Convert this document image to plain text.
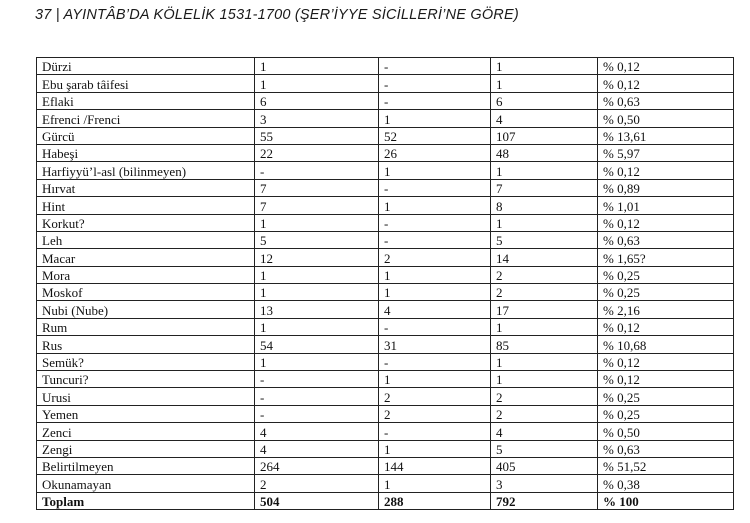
37 | AYINTÂB’DA KÖLELİK 1531-1700 (ŞER’İYYE SİCİLLERİ’NE GÖRE)
Dürzi	1	-	1	% 0,12
Ebu şarab tâifesi	1	-	1	% 0,12
Eflaki	6	-	6	% 0,63
Efrenci /Frenci	3	1	4	% 0,50
Gürcü	55	52	107	% 13,61
Habeşi	22	26	48	% 5,97
Harfiyyü’l-asl (bilinmeyen)	-	1	1	% 0,12
Hırvat	7	-	7	% 0,89
Hint	7	1	8	% 1,01
Korkut?	1	-	1	% 0,12
Leh	5	-	5	% 0,63
Macar	12	2	14	% 1,65?
Mora	1	1	2	% 0,25
Moskof	1	1	2	% 0,25
Nubi (Nube)	13	4	17	% 2,16
Rum	1	-	1	% 0,12
Rus	54	31	85	% 10,68
Semük?	1	-	1	% 0,12
Tuncuri?	-	1	1	% 0,12
Urusi	-	2	2	% 0,25
Yemen	-	2	2	% 0,25
Zenci	4	-	4	% 0,50
Zengi	4	1	5	% 0,63
Belirtilmeyen	264	144	405	% 51,52
Okunamayan	2	1	3	% 0,38
Toplam	504	288	792	% 100
